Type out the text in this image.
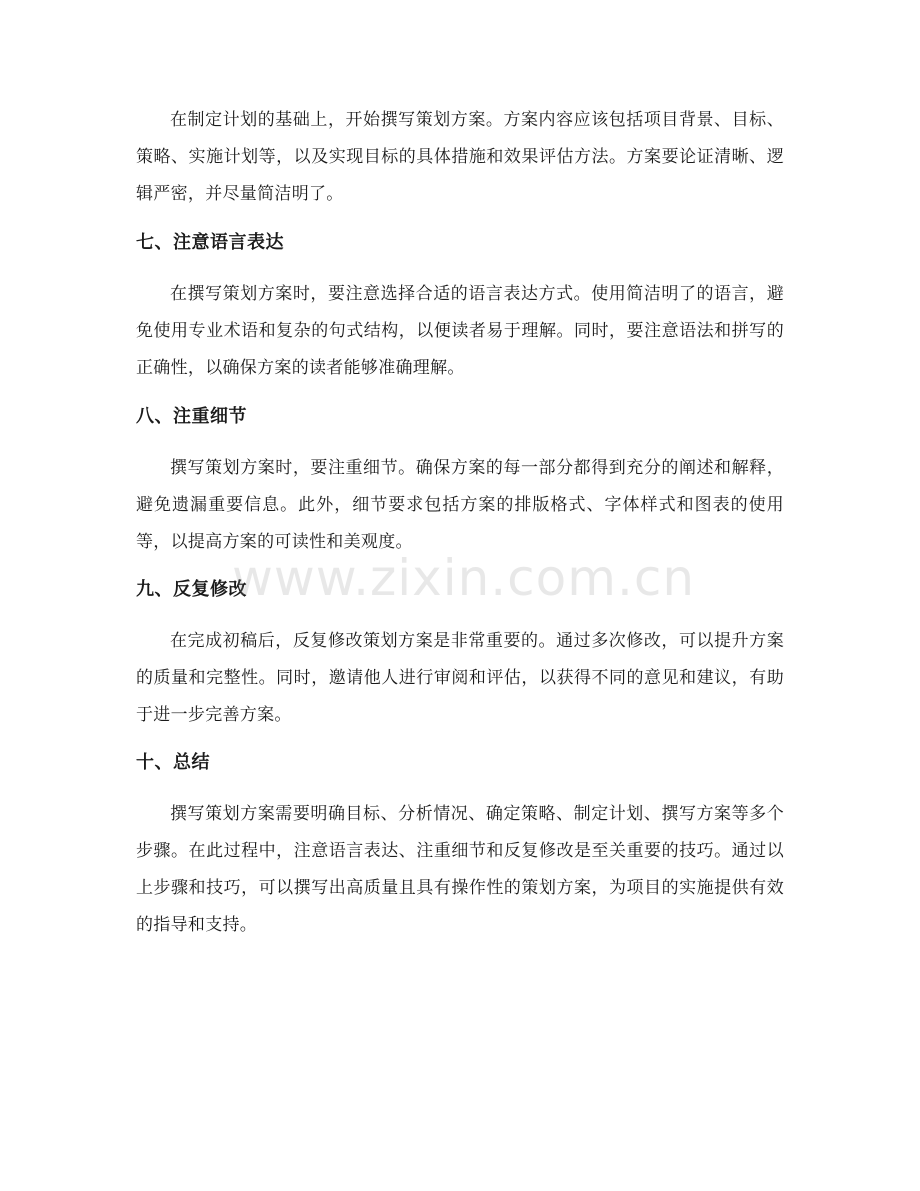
在制定计划的基础上，开始撰写策划方案。方案内容应该包括项目背景、目标、策略、实施计划等，以及实现目标的具体措施和效果评估方法。方案要论证清晰、逻辑严密，并尽量简洁明了。

七、注意语言表达

在撰写策划方案时，要注意选择合适的语言表达方式。使用简洁明了的语言，避免使用专业术语和复杂的句式结构，以便读者易于理解。同时，要注意语法和拼写的正确性，以确保方案的读者能够准确理解。

八、注重细节

撰写策划方案时，要注重细节。确保方案的每一部分都得到充分的阐述和解释，避免遗漏重要信息。此外，细节要求包括方案的排版格式、字体样式和图表的使用等，以提高方案的可读性和美观度。

九、反复修改

在完成初稿后，反复修改策划方案是非常重要的。通过多次修改，可以提升方案的质量和完整性。同时，邀请他人进行审阅和评估，以获得不同的意见和建议，有助于进一步完善方案。

十、总结

撰写策划方案需要明确目标、分析情况、确定策略、制定计划、撰写方案等多个步骤。在此过程中，注意语言表达、注重细节和反复修改是至关重要的技巧。通过以上步骤和技巧，可以撰写出高质量且具有操作性的策划方案，为项目的实施提供有效的指导和支持。

www.zixin.com.cn
